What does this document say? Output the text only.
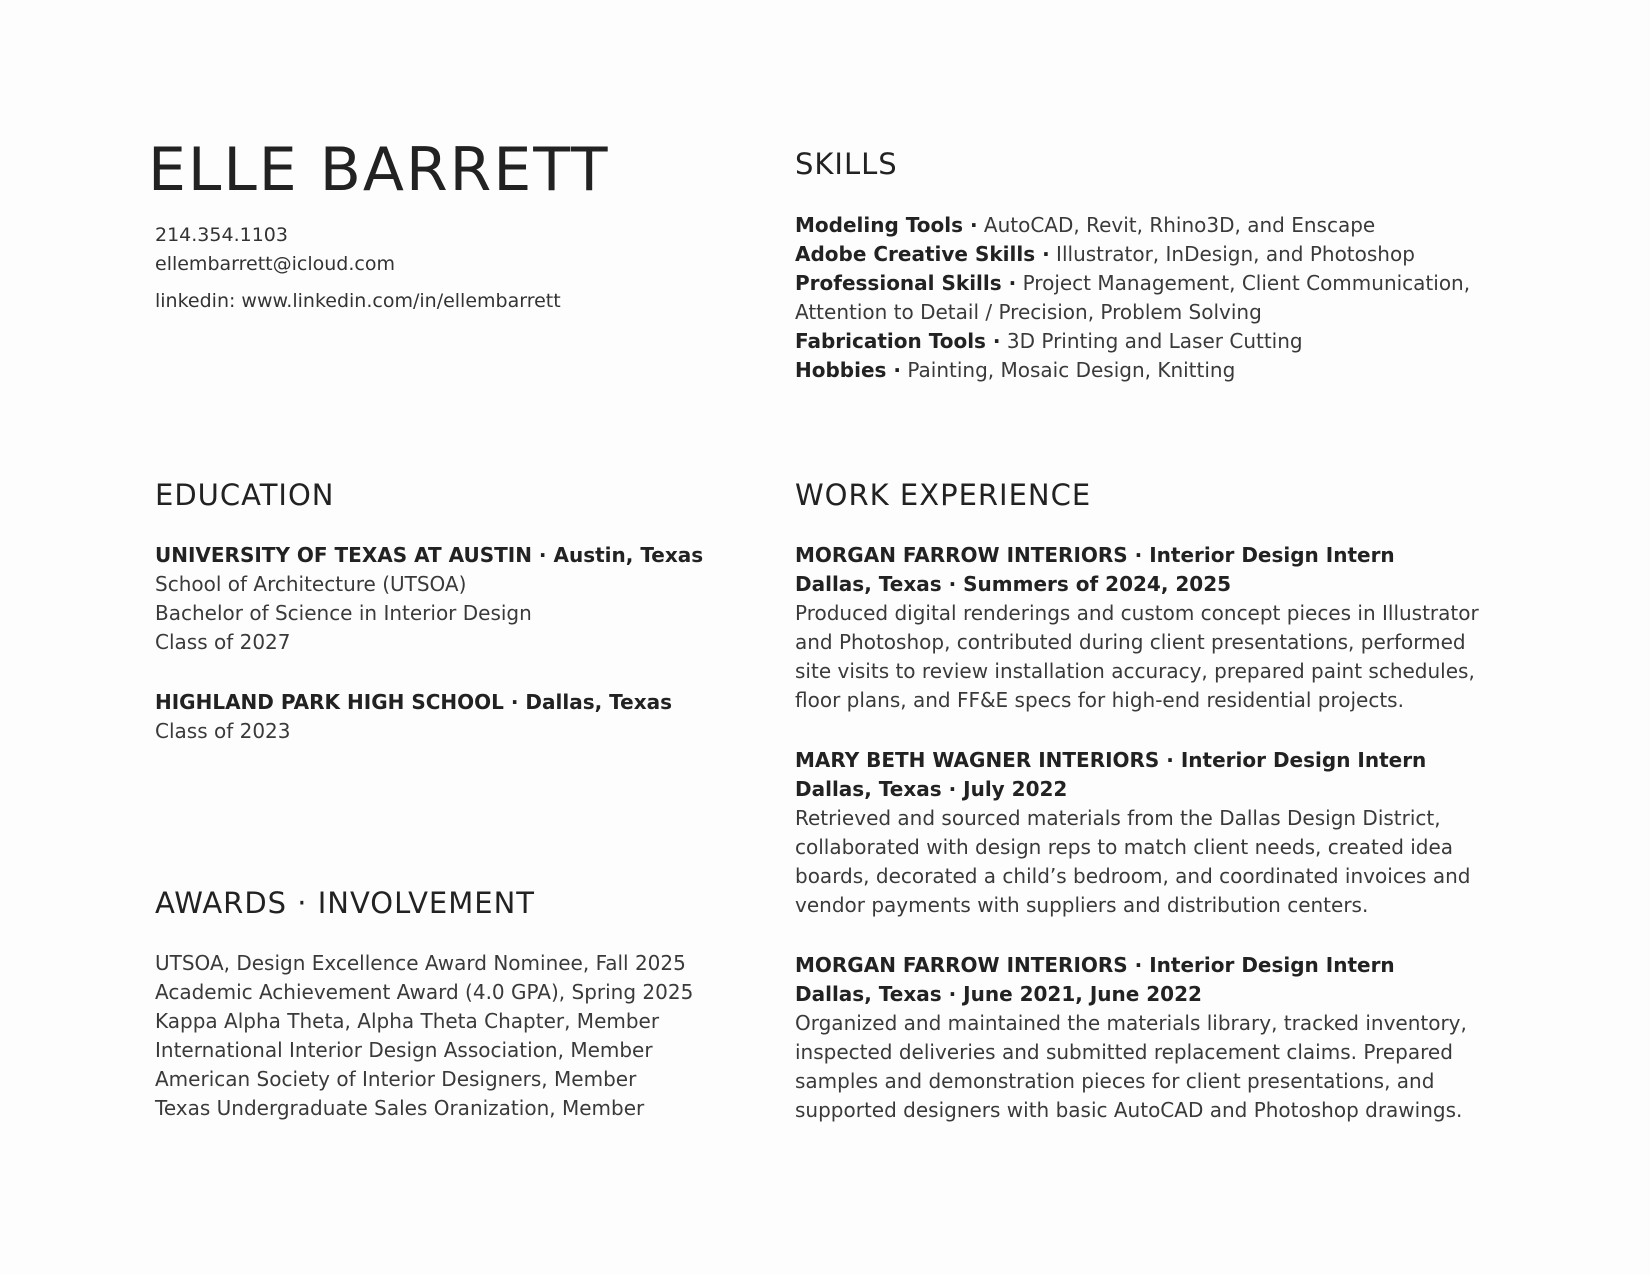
ELLE BARRETT
214.354.1103
ellembarrett@icloud.com
linkedin: www.linkedin.com/in/ellembarrett
SKILLS
Modeling Tools · AutoCAD, Revit, Rhino3D, and Enscape
Adobe Creative Skills · Illustrator, InDesign, and Photoshop
Professional Skills · Project Management, Client Communication,
Attention to Detail / Precision, Problem Solving
Fabrication Tools · 3D Printing and Laser Cutting
Hobbies · Painting, Mosaic Design, Knitting
EDUCATION
UNIVERSITY OF TEXAS AT AUSTIN · Austin, Texas
School of Architecture (UTSOA)
Bachelor of Science in Interior Design
Class of 2027
HIGHLAND PARK HIGH SCHOOL · Dallas, Texas
Class of 2023
AWARDS · INVOLVEMENT
UTSOA, Design Excellence Award Nominee, Fall 2025
Academic Achievement Award (4.0 GPA), Spring 2025
Kappa Alpha Theta, Alpha Theta Chapter, Member
International Interior Design Association, Member
American Society of Interior Designers, Member
Texas Undergraduate Sales Oranization, Member
WORK EXPERIENCE
MORGAN FARROW INTERIORS · Interior Design Intern
Dallas, Texas · Summers of 2024, 2025
Produced digital renderings and custom concept pieces in Illustrator
and Photoshop, contributed during client presentations, performed
site visits to review installation accuracy, prepared paint schedules,
floor plans, and FF&E specs for high-end residential projects.
MARY BETH WAGNER INTERIORS · Interior Design Intern
Dallas, Texas · July 2022
Retrieved and sourced materials from the Dallas Design District,
collaborated with design reps to match client needs, created idea
boards, decorated a child’s bedroom, and coordinated invoices and
vendor payments with suppliers and distribution centers.
MORGAN FARROW INTERIORS · Interior Design Intern
Dallas, Texas · June 2021, June 2022
Organized and maintained the materials library, tracked inventory,
inspected deliveries and submitted replacement claims. Prepared
samples and demonstration pieces for client presentations, and
supported designers with basic AutoCAD and Photoshop drawings.
